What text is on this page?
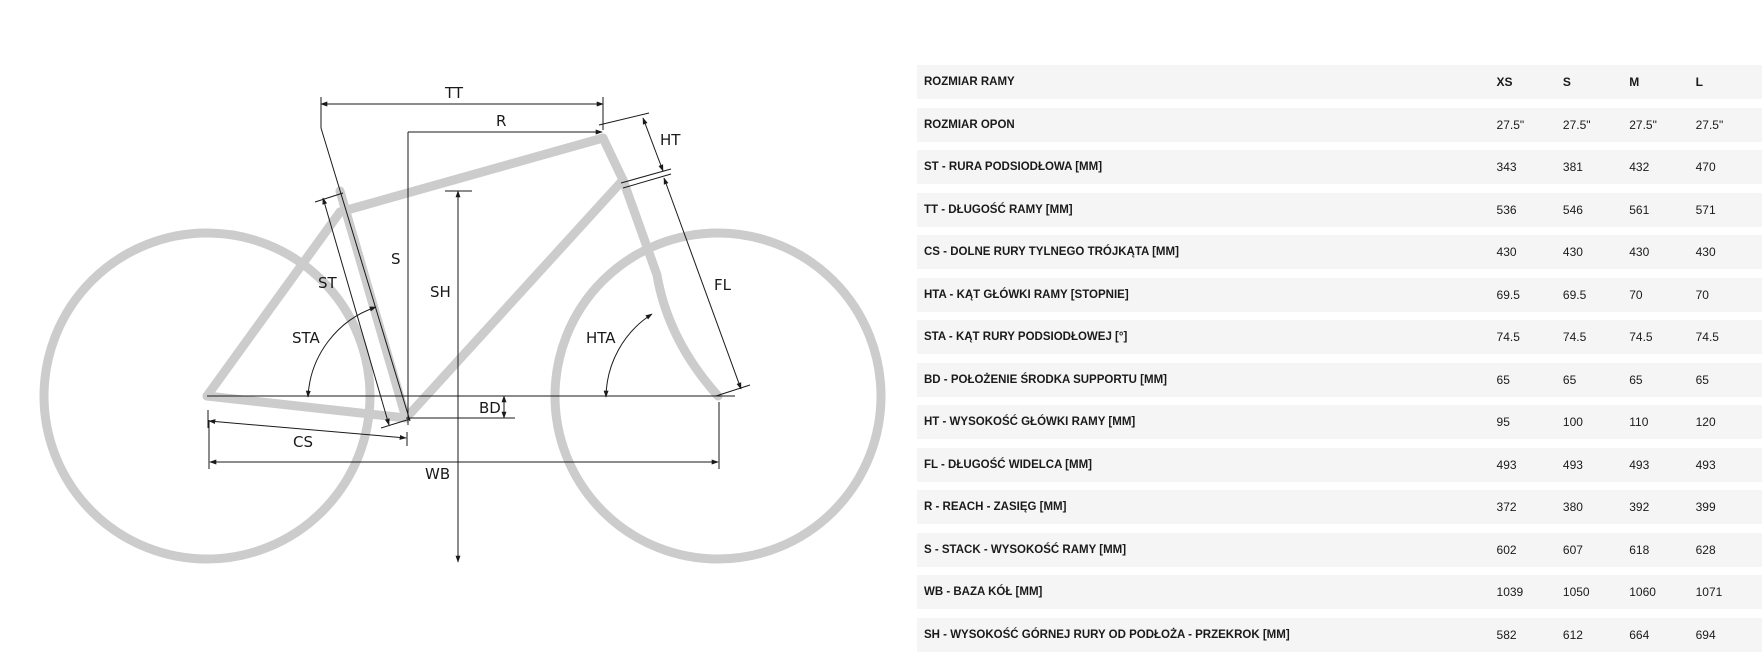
TT
R
HT
FL
S
SH
ST
STA	HTA
BD
CS
WB
ROZMIAR RAMY	XS	S	M	L
ROZMIAR OPON	27.5"	27.5"	27.5"	27.5"
ST - RURA PODSIODŁOWA [MM]	343	381	432	470
TT - DŁUGOŚĆ RAMY [MM]	536	546	561	571
CS - DOLNE RURY TYLNEGO TRÓJKĄTA [MM]	430	430	430	430
HTA - KĄT GŁÓWKI RAMY [STOPNIE]	69.5	69.5	70	70
STA - KĄT RURY PODSIODŁOWEJ [°]	74.5	74.5	74.5	74.5
BD - POŁOŻENIE ŚRODKA SUPPORTU [MM]	65	65	65	65
HT - WYSOKOŚĆ GŁÓWKI RAMY [MM]	95	100	110	120
FL - DŁUGOŚĆ WIDELCA [MM]	493	493	493	493
R - REACH - ZASIĘG [MM]	372	380	392	399
S - STACK - WYSOKOŚĆ RAMY [MM]	602	607	618	628
WB - BAZA KÓŁ [MM]	1039	1050	1060	1071
SH - WYSOKOŚĆ GÓRNEJ RURY OD PODŁOŻA - PRZEKROK [MM]	582	612	664	694
